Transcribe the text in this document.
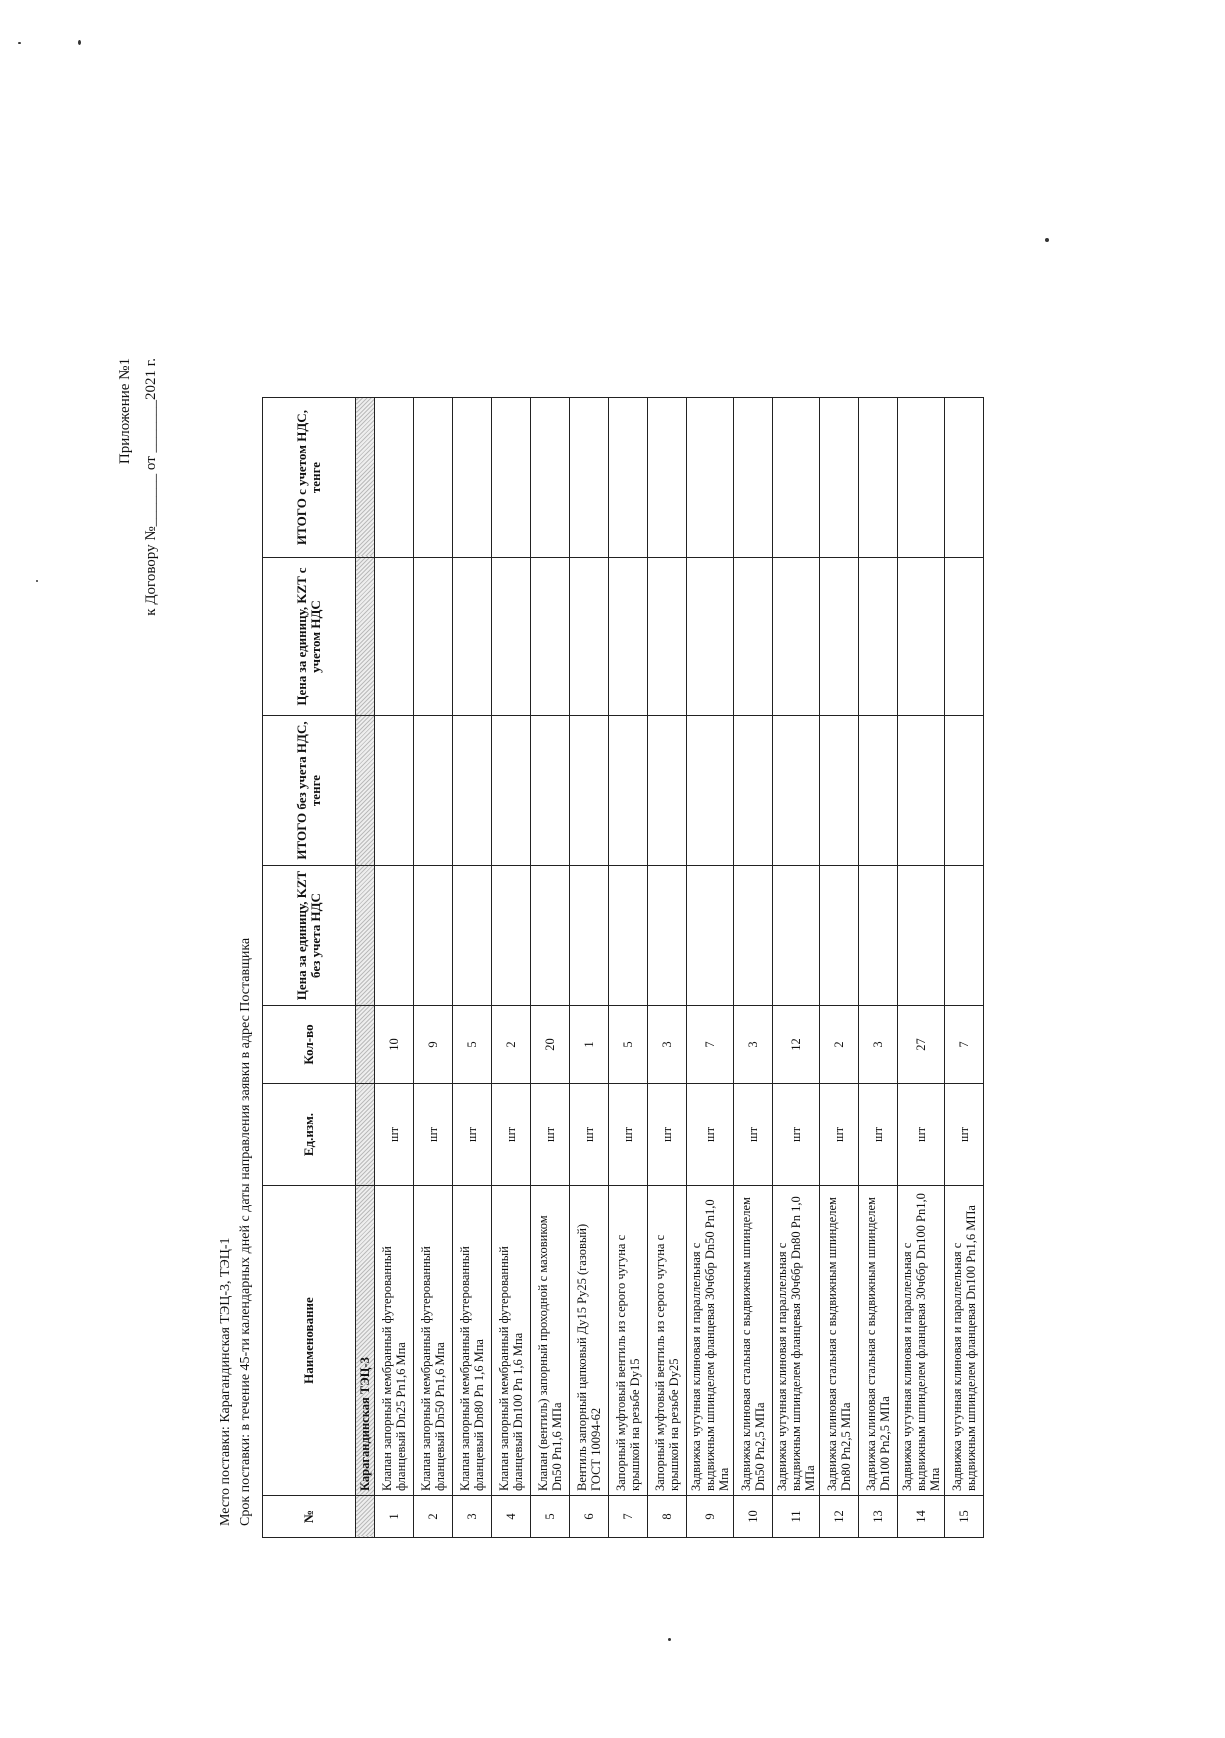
Приложение №1 к Договору №_______ от _______2021 г.
Место поставки: Карагандинская ТЭЦ-3, ТЭЦ-1 Срок поставки: в течение 45-ти календарных дней с даты направления заявки в адрес Поставщика	№	Наименование	Ед.изм.	Кол-во	Цена за единицу, KZT без учета НДС	ИТОГО без учета НДС, тенге	Цена за единицу, KZT с учетом НДС	ИТОГО с учетом НДС, тенге
	Карагандинская ТЭЦ-3						
1	Клапан запорный мембранный футерованный фланцевый Dn25 Pn1,6 Мпа	шт	10				
2	Клапан запорный мембранный футерованный фланцевый Dn50 Pn1,6 Мпа	шт	9				
3	Клапан запорный мембранный футерованный фланцевый Dn80 Pn 1,6 Мпа	шт	5				
4	Клапан запорный мембранный футерованный фланцевый Dn100 Pn 1,6 Мпа	шт	2				
5	Клапан (вентиль) запорный проходной с маховиком Dn50 Pn1,6 МПа	шт	20				
6	Вентиль запорный цапковый Ду15 Ру25 (газовый) ГОСТ 10094-62	шт	1				
7	Запорный муфтовый вентиль из серого чугуна с крышкой на резьбе Dy15	шт	5				
8	Запорный муфтовый вентиль из серого чугуна с крышкой на резьбе Dy25	шт	3				
9	Задвижка чугунная клиновая и параллельная с выдвижным шпинделем фланцевая 30ч6бр Dn50 Pn1,0 Мпа	шт	7				
10	Задвижка клиновая стальная с выдвижным шпинделем Dn50 Pn2,5 МПа	шт	3				
11	Задвижка чугунная клиновая и параллельная с выдвижным шпинделем фланцевая 30ч6бр Dn80 Pn 1,0 МПа	шт	12				
12	Задвижка клиновая стальная с выдвижным шпинделем Dn80 Pn2,5 МПа	шт	2				
13	Задвижка клиновая стальная с выдвижным шпинделем Dn100 Pn2,5 МПа	шт	3				
14	Задвижка чугунная клиновая и параллельная с выдвижным шпинделем фланцевая 30ч6бр Dn100 Pn1,0 Мпа	шт	27				
15	Задвижка чугунная клиновая и параллельная с выдвижным шпинделем фланцевая Dn100 Pn1,6 МПа	шт	7				
